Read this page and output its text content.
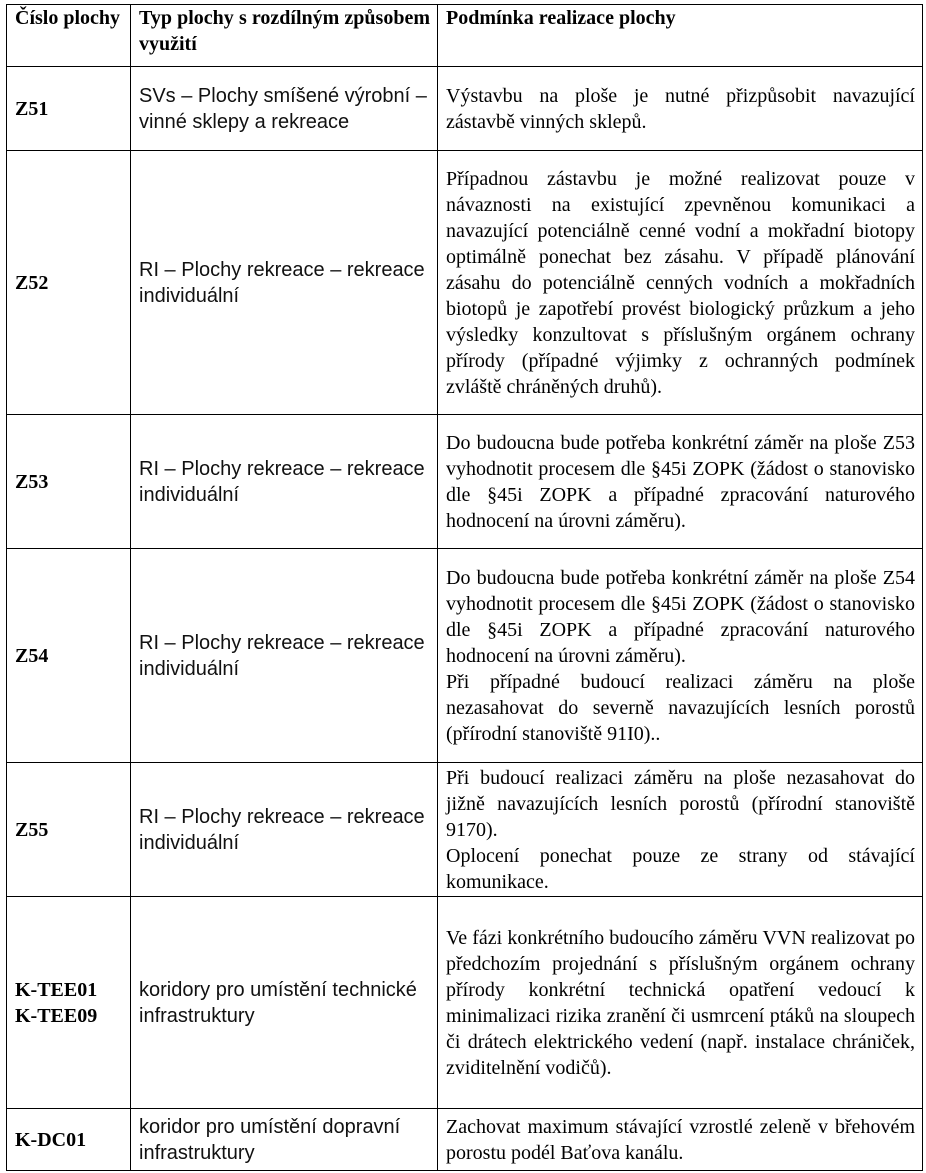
Číslo plochy	Typ plochy s rozdílným způsobem využití	Podmínka realizace plochy
Z51	SVs – Plochy smíšené výrobní – vinné sklepy a rekreace	Výstavbu na ploše je nutné přizpůsobit navazující zástavbě vinných sklepů.

Z52	RI – Plochy rekreace – rekreace individuální	Případnou zástavbu je možné realizovat pouze v návaznosti na existující zpevněnou komunikaci a navazující potenciálně cenné vodní a mokřadní biotopy optimálně ponechat bez zásahu. V případě plánování zásahu do potenciálně cenných vodních a mokřadních biotopů je zapotřebí provést biologický průzkum a jeho výsledky konzultovat s příslušným orgánem ochrany přírody (případné výjimky z ochranných podmínek zvláště chráněných druhů).

Z53	RI – Plochy rekreace – rekreace individuální	Do budoucna bude potřeba konkrétní záměr na ploše Z53 vyhodnotit procesem dle §45i ZOPK (žádost o stanovisko dle §45i ZOPK a případné zpracování naturového hodnocení na úrovni záměru).

Z54	RI – Plochy rekreace – rekreace individuální	Do budoucna bude potřeba konkrétní záměr na ploše Z54 vyhodnotit procesem dle §45i ZOPK (žádost o stanovisko dle §45i ZOPK a případné zpracování naturového hodnocení na úrovni záměru).

Při případné budoucí realizaci záměru na ploše nezasahovat do severně navazujících lesních porostů (přírodní stanoviště 91I0)..

Z55	RI – Plochy rekreace – rekreace individuální	Při budoucí realizaci záměru na ploše nezasahovat do jižně navazujících lesních porostů (přírodní stanoviště 9170).

Oplocení ponechat pouze ze strany od stávající komunikace.

K-TEE01
K-TEE09	koridory pro umístění technické infrastruktury	Ve fázi konkrétního budoucího záměru VVN realizovat po předchozím projednání s příslušným orgánem ochrany přírody konkrétní technická opatření vedoucí k minimalizaci rizika zranění či usmrcení ptáků na sloupech či drátech elektrického vedení (např. instalace chrániček, zviditelnění vodičů).

K-DC01	koridor pro umístění dopravní infrastruktury	Zachovat maximum stávající vzrostlé zeleně v břehovém porostu podél Baťova kanálu.
